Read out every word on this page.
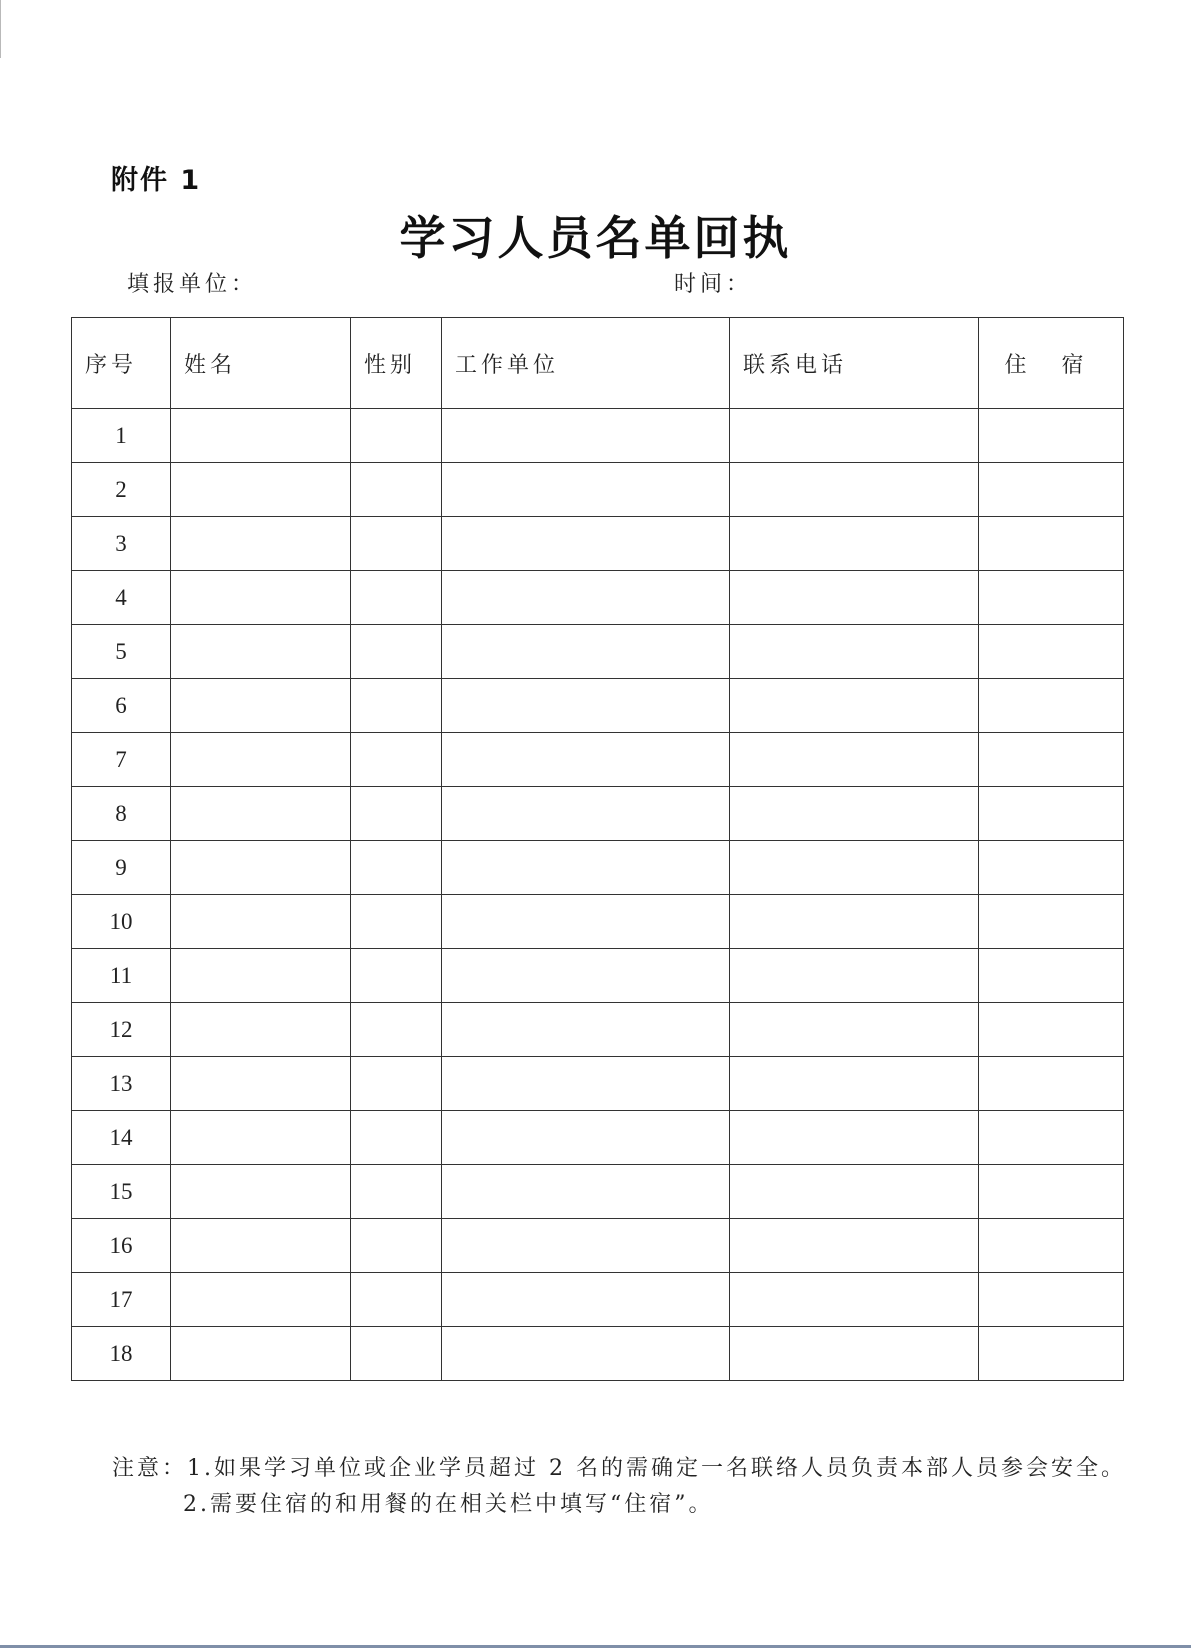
附件 1
学习人员名单回执
填报单位：	时间：
序号	姓名	性别	工作单位	联系电话	住 宿
1					
2					
3					
4					
5					
6					
7					
8					
9					
10					
11					
12					
13					
14					
15					
16					
17					
18					
注意：1.如果学习单位或企业学员超过 2 名的需确定一名联络人员负责本部人员参会安全。
2.需要住宿的和用餐的在相关栏中填写“住宿”。
